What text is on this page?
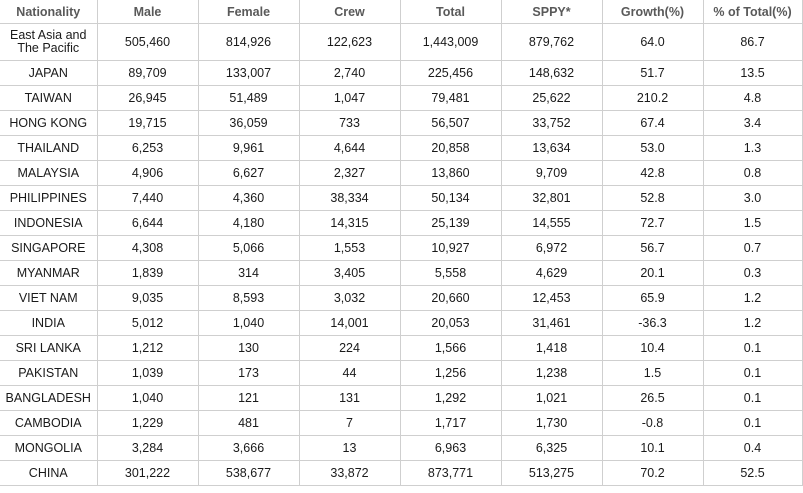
Nationality	Male	Female	Crew	Total	SPPY*	Growth(%)	% of Total(%)
East Asia and The Pacific	505,460	814,926	122,623	1,443,009	879,762	64.0	86.7
JAPAN	89,709	133,007	2,740	225,456	148,632	51.7	13.5
TAIWAN	26,945	51,489	1,047	79,481	25,622	210.2	4.8
HONG KONG	19,715	36,059	733	56,507	33,752	67.4	3.4
THAILAND	6,253	9,961	4,644	20,858	13,634	53.0	1.3
MALAYSIA	4,906	6,627	2,327	13,860	9,709	42.8	0.8
PHILIPPINES	7,440	4,360	38,334	50,134	32,801	52.8	3.0
INDONESIA	6,644	4,180	14,315	25,139	14,555	72.7	1.5
SINGAPORE	4,308	5,066	1,553	10,927	6,972	56.7	0.7
MYANMAR	1,839	314	3,405	5,558	4,629	20.1	0.3
VIET NAM	9,035	8,593	3,032	20,660	12,453	65.9	1.2
INDIA	5,012	1,040	14,001	20,053	31,461	-36.3	1.2
SRI LANKA	1,212	130	224	1,566	1,418	10.4	0.1
PAKISTAN	1,039	173	44	1,256	1,238	1.5	0.1
BANGLADESH	1,040	121	131	1,292	1,021	26.5	0.1
CAMBODIA	1,229	481	7	1,717	1,730	-0.8	0.1
MONGOLIA	3,284	3,666	13	6,963	6,325	10.1	0.4
CHINA	301,222	538,677	33,872	873,771	513,275	70.2	52.5
